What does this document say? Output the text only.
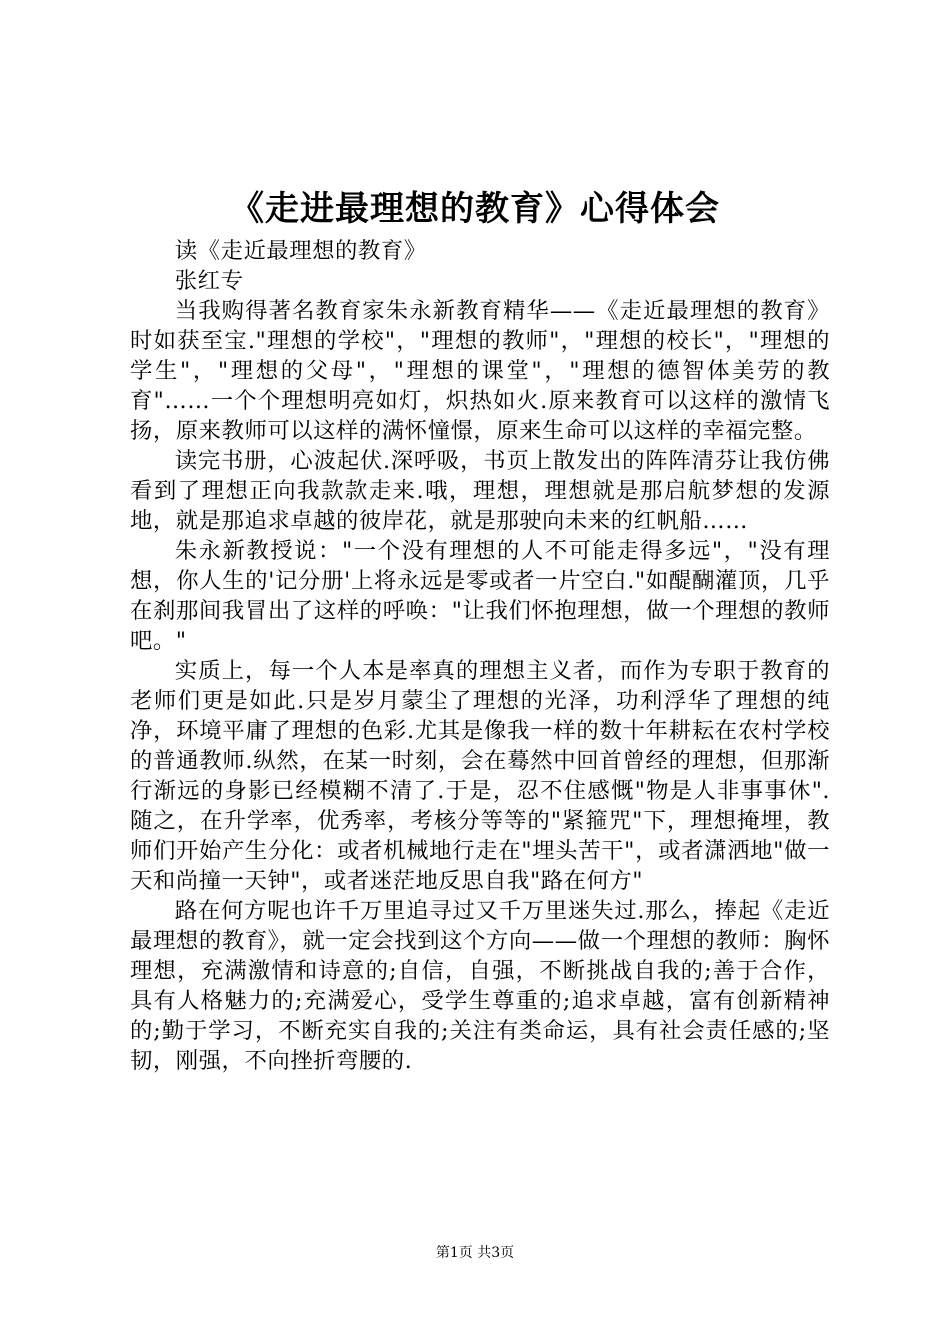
《走进最理想的教育》心得体会

读《走近最理想的教育》

张红专

当我购得著名教育家朱永新教育精华——《走近最理想的教育》时如获至宝."理想的学校"，"理想的教师"，"理想的校长"，"理想的学生"，"理想的父母"，"理想的课堂"，"理想的德智体美劳的教育"……一个个理想明亮如灯，炽热如火.原来教育可以这样的激情飞扬，原来教师可以这样的满怀憧憬，原来生命可以这样的幸福完整。

读完书册，心波起伏.深呼吸，书页上散发出的阵阵清芬让我仿佛看到了理想正向我款款走来.哦，理想，理想就是那启航梦想的发源地，就是那追求卓越的彼岸花，就是那驶向未来的红帆船……

朱永新教授说："一个没有理想的人不可能走得多远"，"没有理想，你人生的'记分册'上将永远是零或者一片空白."如醍醐灌顶，几乎在刹那间我冒出了这样的呼唤："让我们怀抱理想，做一个理想的教师吧。"

实质上，每一个人本是率真的理想主义者，而作为专职于教育的老师们更是如此.只是岁月蒙尘了理想的光泽，功利浮华了理想的纯净，环境平庸了理想的色彩.尤其是像我一样的数十年耕耘在农村学校的普通教师.纵然，在某一时刻，会在蓦然中回首曾经的理想，但那渐行渐远的身影已经模糊不清了.于是，忍不住感慨"物是人非事事休".随之，在升学率，优秀率，考核分等等的"紧箍咒"下，理想掩埋，教师们开始产生分化：或者机械地行走在"埋头苦干"，或者潇洒地"做一天和尚撞一天钟"，或者迷茫地反思自我"路在何方"

路在何方呢也许千万里追寻过又千万里迷失过.那么，捧起《走近最理想的教育》，就一定会找到这个方向——做一个理想的教师：胸怀理想，充满激情和诗意的;自信，自强，不断挑战自我的;善于合作，具有人格魅力的;充满爱心，受学生尊重的;追求卓越，富有创新精神的;勤于学习，不断充实自我的;关注有类命运，具有社会责任感的;坚韧，刚强，不向挫折弯腰的.

第1页 共3页
